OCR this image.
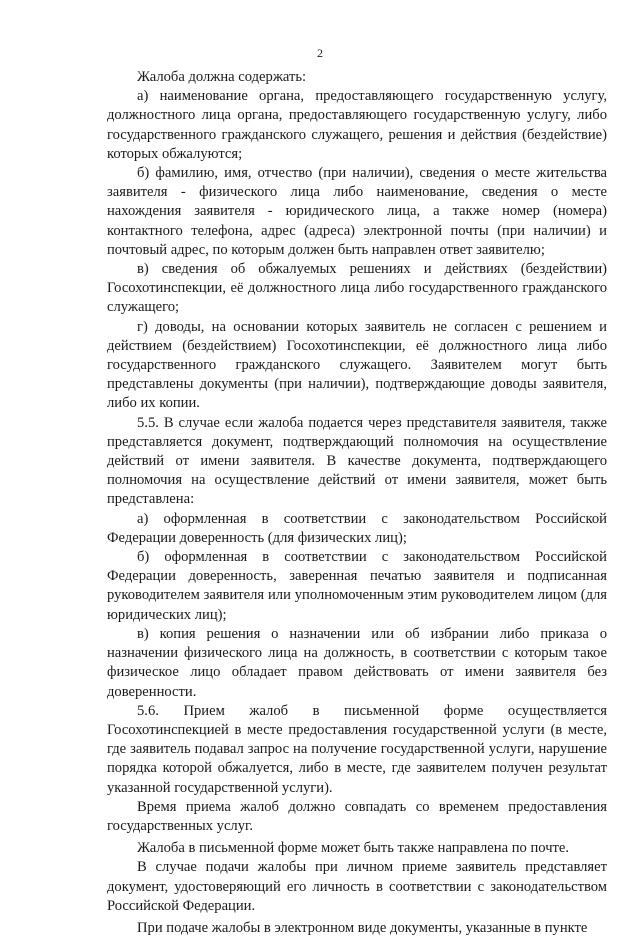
2

Жалоба должна содержать:

а) наименование органа, предоставляющего государственную услугу, должностного лица органа, предоставляющего государственную услугу, либо государственного гражданского служащего, решения и действия (бездействие) которых обжалуются;

б) фамилию, имя, отчество (при наличии), сведения о месте жительства заявителя - физического лица либо наименование, сведения о месте нахождения заявителя - юридического лица, а также номер (номера) контактного телефона, адрес (адреса) электронной почты (при наличии) и почтовый адрес, по которым должен быть направлен ответ заявителю;

в) сведения об обжалуемых решениях и действиях (бездействии) Госохотинспекции, её должностного лица либо государственного гражданского служащего;

г) доводы, на основании которых заявитель не согласен с решением и действием (бездействием) Госохотинспекции, её должностного лица либо государственного гражданского служащего. Заявителем могут быть представлены документы (при наличии), подтверждающие доводы заявителя, либо их копии.

5.5. В случае если жалоба подается через представителя заявителя, также представляется документ, подтверждающий полномочия на осуществление действий от имени заявителя. В качестве документа, подтверждающего полномочия на осуществление действий от имени заявителя, может быть представлена:

а) оформленная в соответствии с законодательством Российской Федерации доверенность (для физических лиц);

б) оформленная в соответствии с законодательством Российской Федерации доверенность, заверенная печатью заявителя и подписанная руководителем заявителя или уполномоченным этим руководителем лицом (для юридических лиц);

в) копия решения о назначении или об избрании либо приказа о назначении физического лица на должность, в соответствии с которым такое физическое лицо обладает правом действовать от имени заявителя без доверенности.

5.6. Прием жалоб в письменной форме осуществляется Госохотинспекцией в месте предоставления государственной услуги (в месте, где заявитель подавал запрос на получение государственной услуги, нарушение порядка которой обжалуется, либо в месте, где заявителем получен результат указанной государственной услуги).

Время приема жалоб должно совпадать со временем предоставления государственных услуг.

Жалоба в письменной форме может быть также направлена по почте.

В случае подачи жалобы при личном приеме заявитель представляет документ, удостоверяющий его личность в соответствии с законодательством Российской Федерации.

При подаче жалобы в электронном виде документы, указанные в пункте
